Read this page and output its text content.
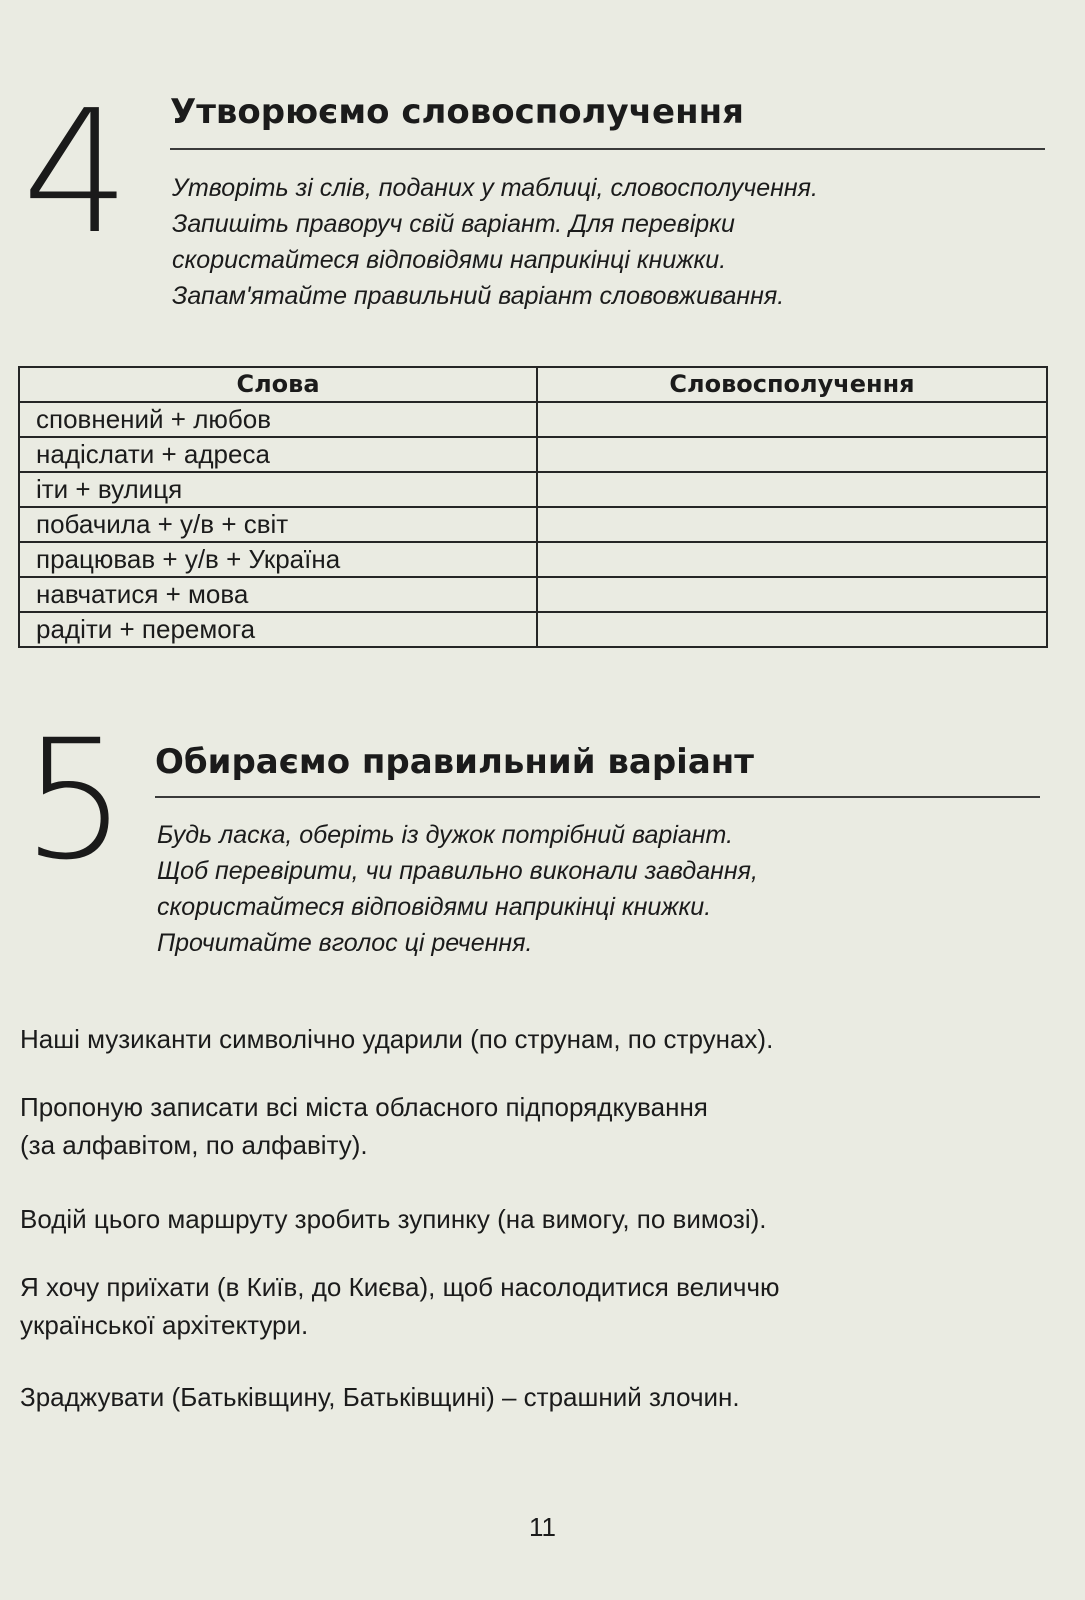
4 Утворюємо словосполучення
Утворіть зі слів, поданих у таблиці, словосполучення.
Запишіть праворуч свій варіант. Для перевірки
скористайтеся відповідями наприкінці книжки.
Запам'ятайте правильний варіант слововживання.
Слова	Словосполучення
сповнений + любов	
надіслати + адреса	
іти + вулиця	
побачила + у/в + світ	
працював + у/в + Україна	
навчатися + мова	
радіти + перемога	
5 Обираємо правильний варіант
Будь ласка, оберіть із дужок потрібний варіант.
Щоб перевірити, чи правильно виконали завдання,
скористайтеся відповідями наприкінці книжки.
Прочитайте вголос ці речення.
Наші музиканти символічно ударили (по струнам, по струнах).
Пропоную записати всі міста обласного підпорядкування
(за алфавітом, по алфавіту).
Водій цього маршруту зробить зупинку (на вимогу, по вимозі).
Я хочу приїхати (в Київ, до Києва), щоб насолодитися величчю
української архітектури.
Зраджувати (Батьківщину, Батьківщині) – страшний злочин.
11
